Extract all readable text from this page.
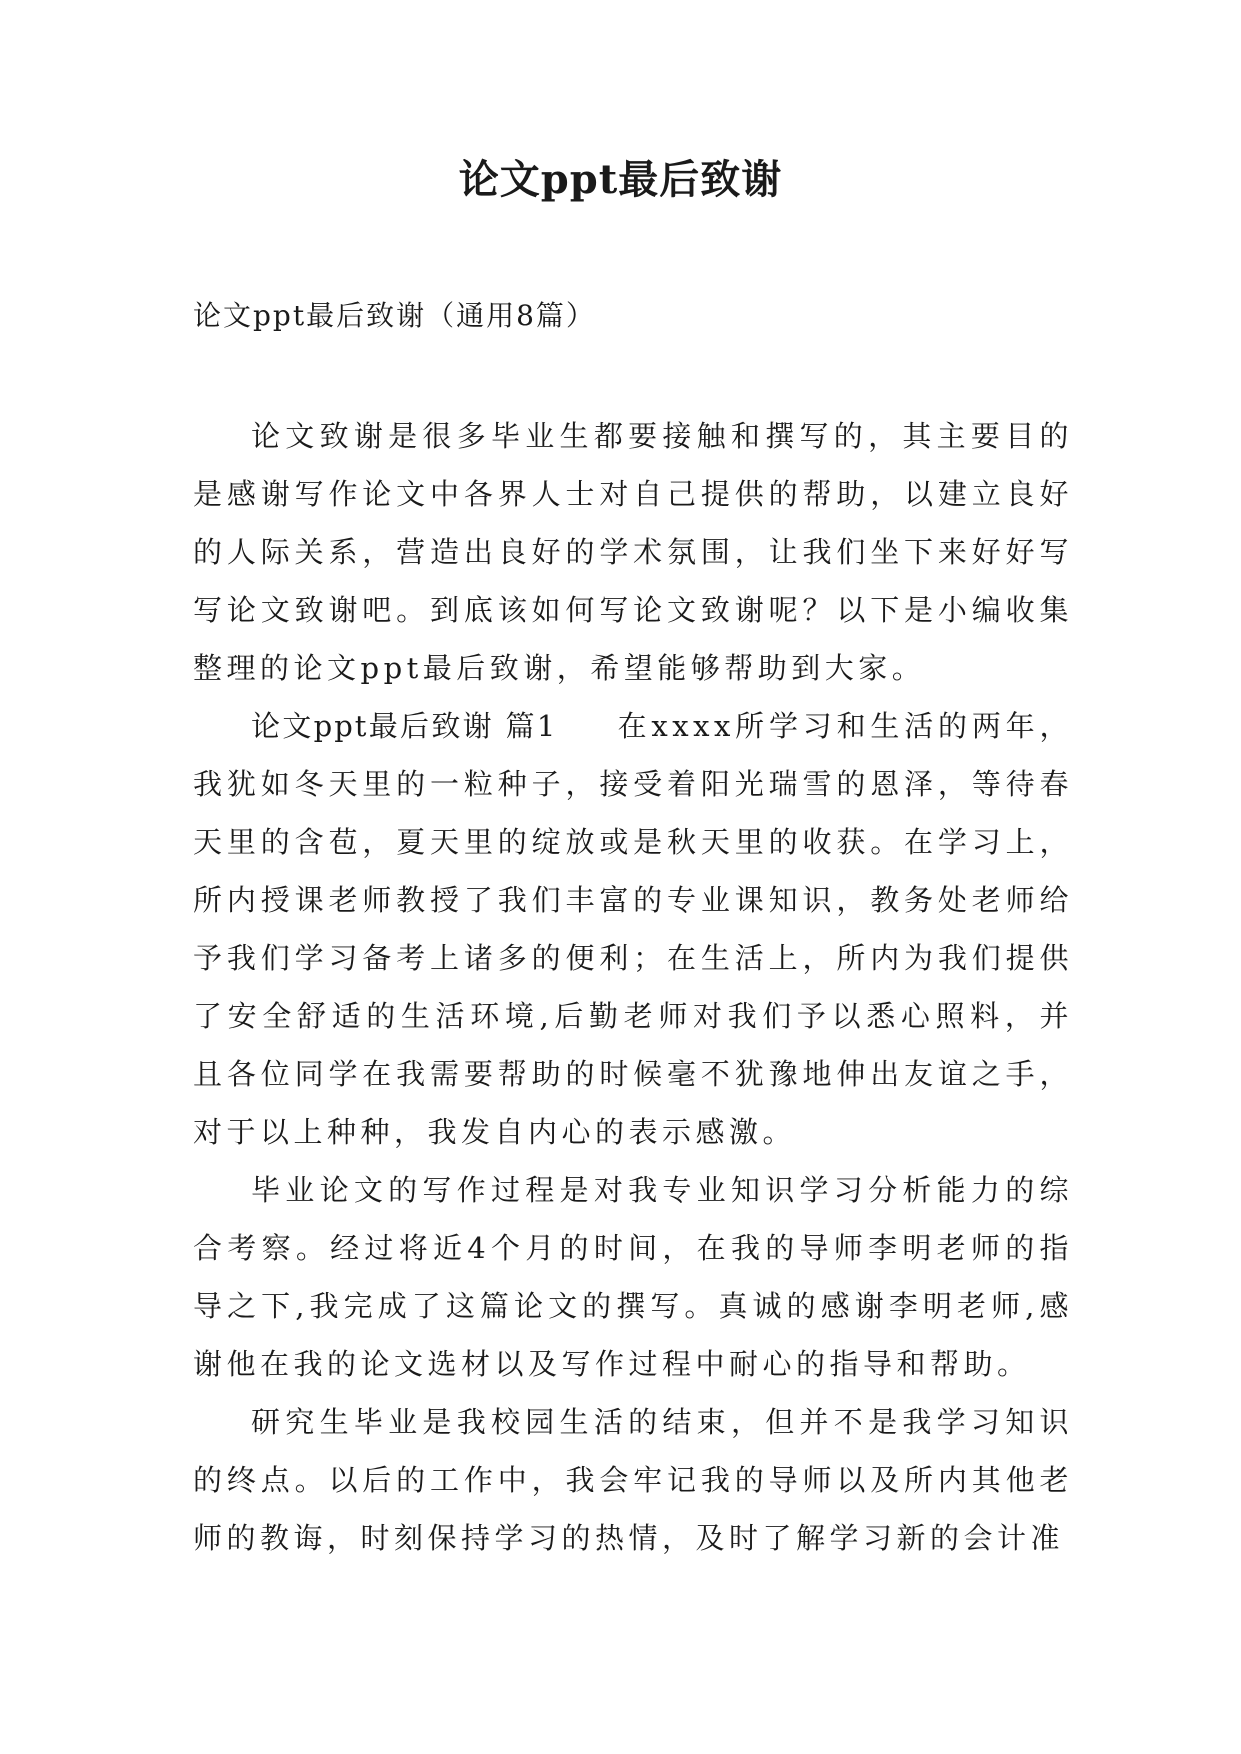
论文ppt最后致谢

论文ppt最后致谢（通用8篇）

论文致谢是很多毕业生都要接触和撰写的，其主要目的是感谢写作论文中各界人士对自己提供的帮助，以建立良好的人际关系，营造出良好的学术氛围，让我们坐下来好好写写论文致谢吧。到底该如何写论文致谢呢？以下是小编收集整理的论文ppt最后致谢，希望能够帮助到大家。

论文ppt最后致谢 篇1 在xxxx所学习和生活的两年，我犹如冬天里的一粒种子，接受着阳光瑞雪的恩泽，等待春天里的含苞，夏天里的绽放或是秋天里的收获。在学习上，所内授课老师教授了我们丰富的专业课知识，教务处老师给予我们学习备考上诸多的便利；在生活上，所内为我们提供了安全舒适的生活环境,后勤老师对我们予以悉心照料，并且各位同学在我需要帮助的时候毫不犹豫地伸出友谊之手，对于以上种种，我发自内心的表示感激。

毕业论文的写作过程是对我专业知识学习分析能力的综合考察。经过将近4个月的时间，在我的导师李明老师的指导之下,我完成了这篇论文的撰写。真诚的感谢李明老师,感谢他在我的论文选材以及写作过程中耐心的指导和帮助。

研究生毕业是我校园生活的结束，但并不是我学习知识的终点。以后的工作中，我会牢记我的导师以及所内其他老师的教诲，时刻保持学习的热情，及时了解学习新的会计准
